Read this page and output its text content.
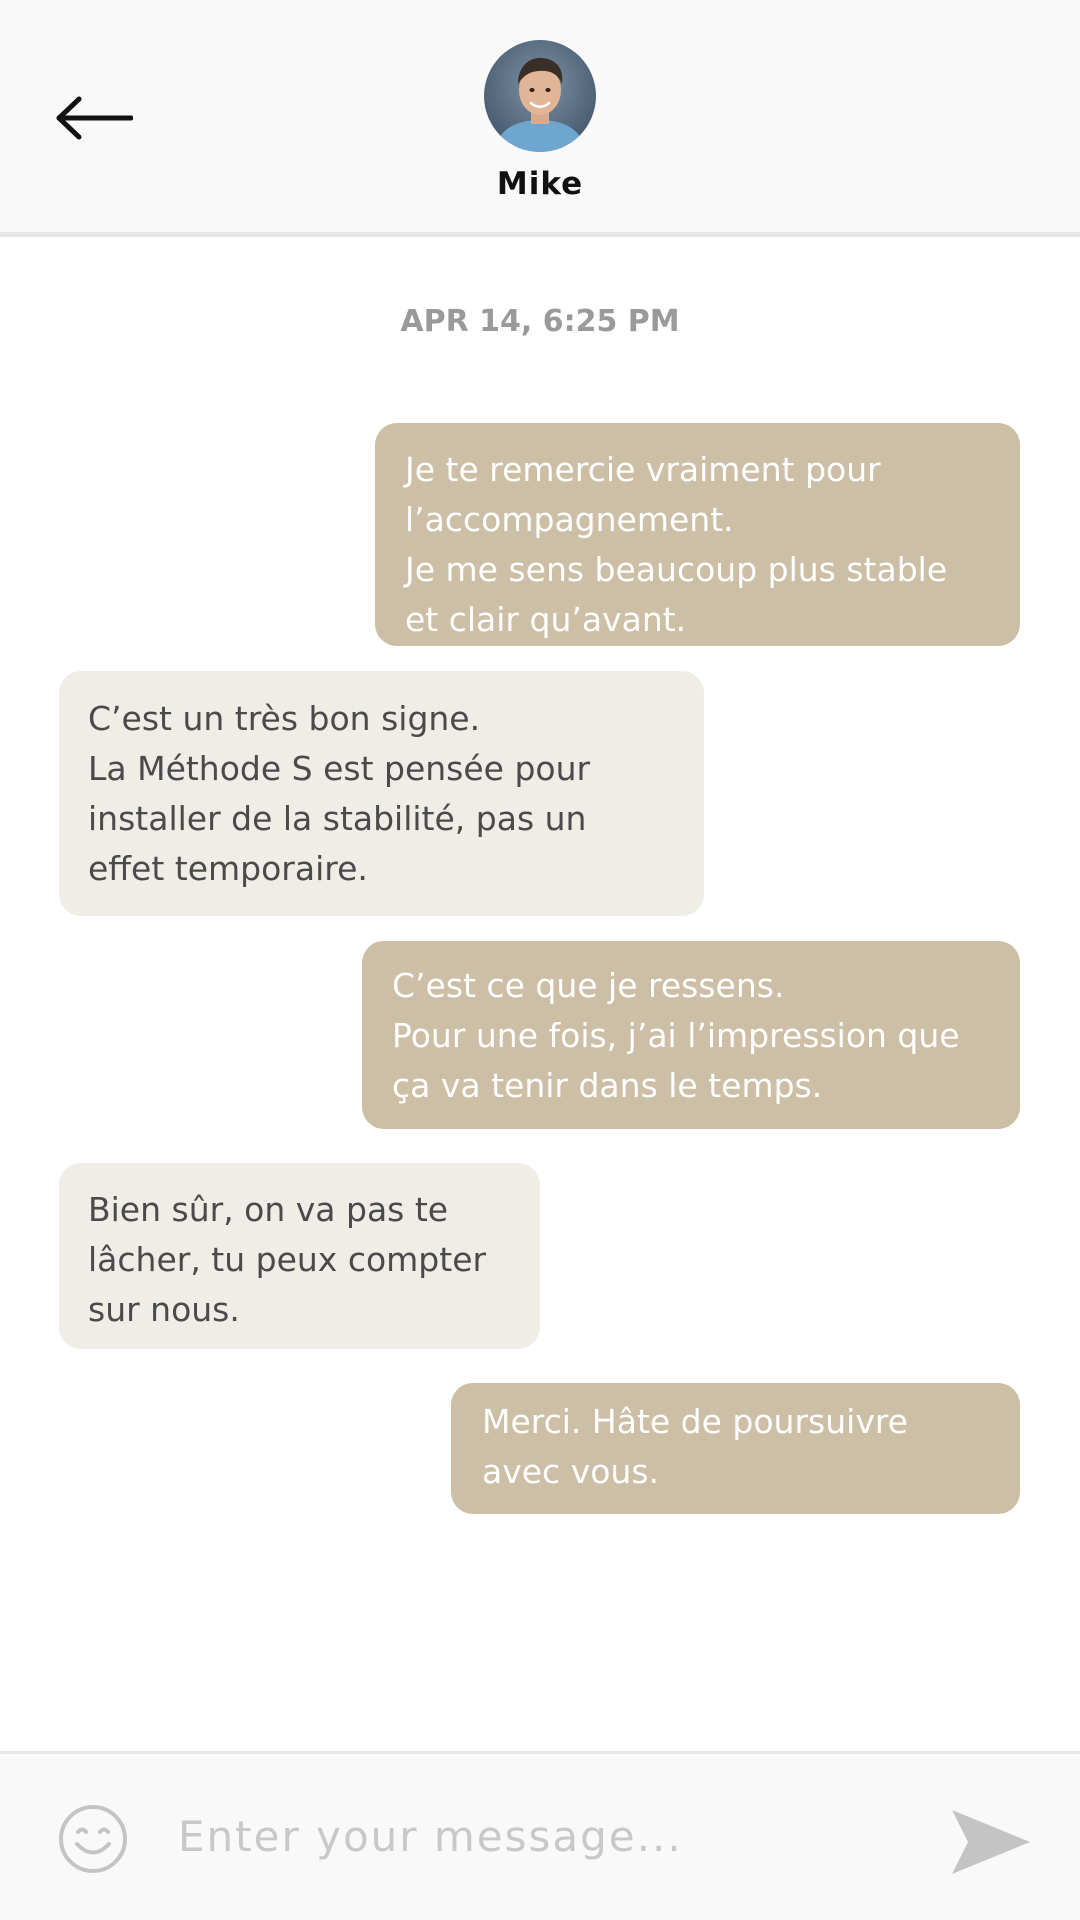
Mike
APR 14, 6:25 PM
Je te remercie vraiment pour
l’accompagnement.
Je me sens beaucoup plus stable
et clair qu’avant.
C’est un très bon signe.
La Méthode S est pensée pour
installer de la stabilité, pas un
effet temporaire.
C’est ce que je ressens.
Pour une fois, j’ai l’impression que
ça va tenir dans le temps.
Bien sûr, on va pas te
lâcher, tu peux compter
sur nous.
Merci. Hâte de poursuivre
avec vous.
Enter your message...
